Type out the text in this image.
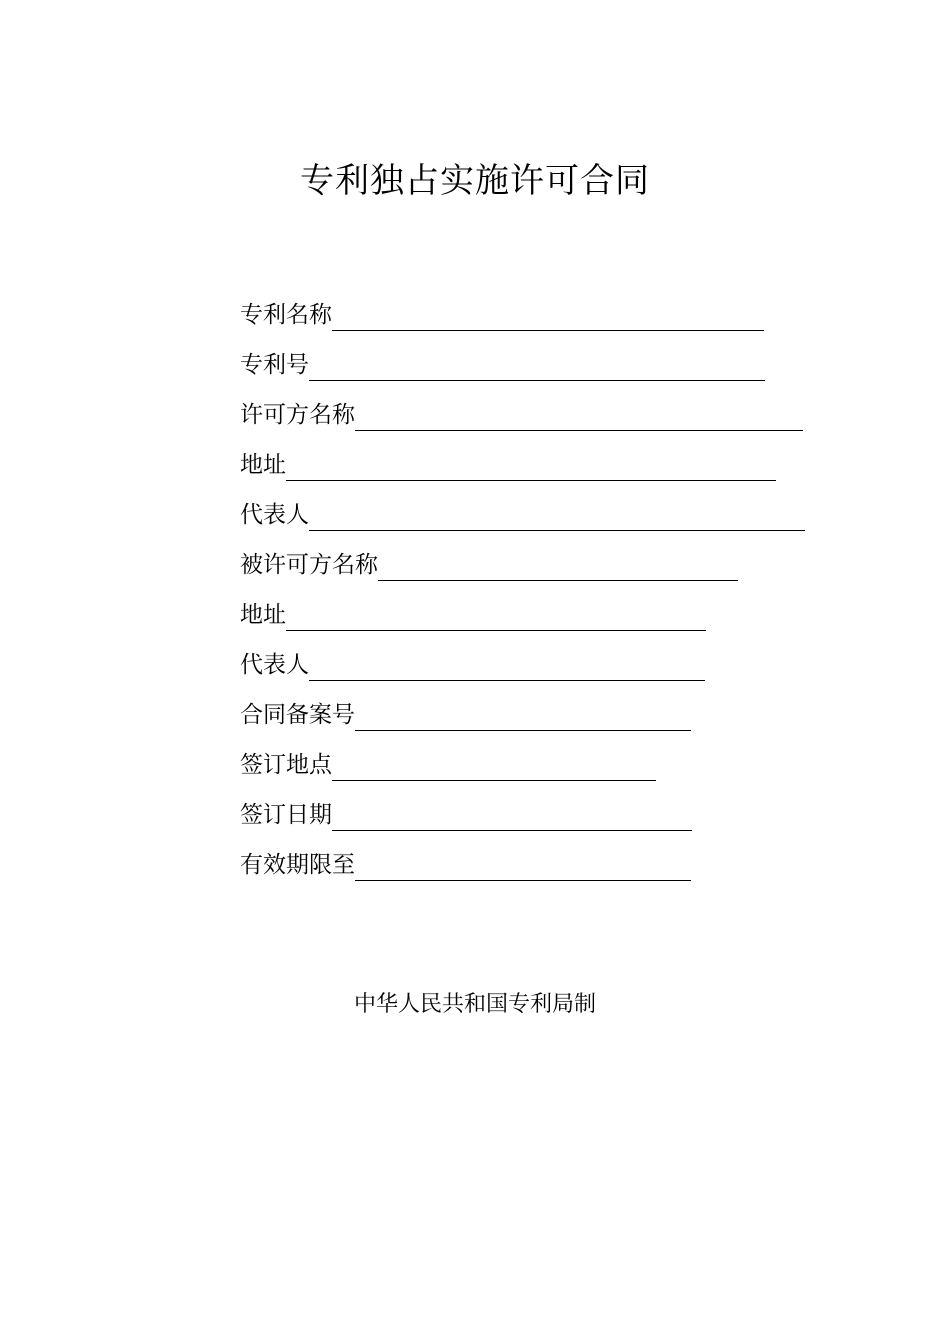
专利独占实施许可合同
专利名称
专利号
许可方名称
地址
代表人
被许可方名称
地址
代表人
合同备案号
签订地点
签订日期
有效期限至
中华人民共和国专利局制
